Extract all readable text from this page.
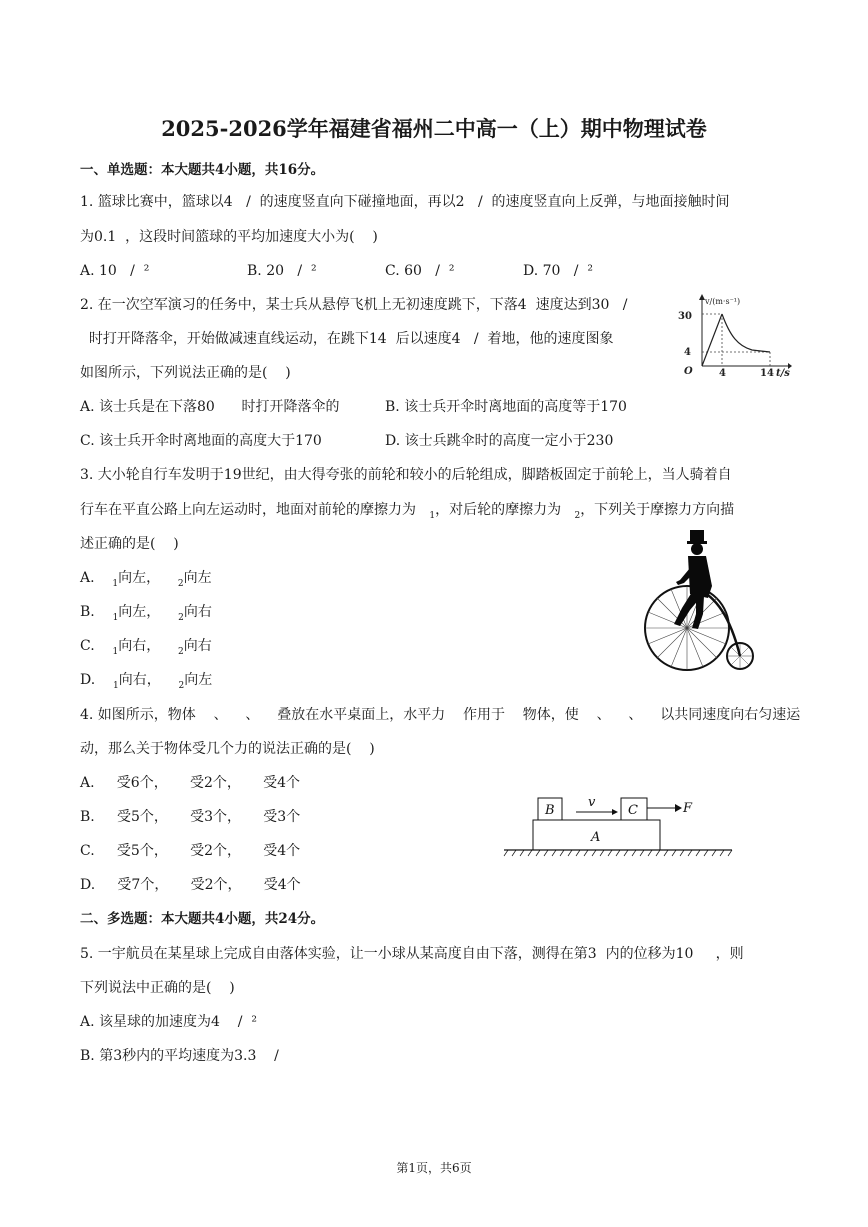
2025-2026学年福建省福州二中高一（上）期中物理试卷
一、单选题：本大题共4小题，共16分。
1. 篮球比赛中，篮球以4   /  的速度竖直向下碰撞地面，再以2   /  的速度竖直向上反弹，与地面接触时间
为0.1  ，这段时间篮球的平均加速度大小为(    )
A. 10   /  ²	B. 20   /  ²	C. 60   /  ²	D. 70   /  ²
2. 在一次空军演习的任务中，某士兵从悬停飞机上无初速度跳下，下落4  速度达到30   /
时打开降落伞，开始做减速直线运动，在跳下14  后以速度4   /  着地，他的速度图象
如图所示，下列说法正确的是(    )
v/(m·s⁻¹)
30
4
O	4	14 t/s
A. 该士兵是在下落80      时打开降落伞的	B. 该士兵开伞时离地面的高度等于170
C. 该士兵开伞时离地面的高度大于170	D. 该士兵跳伞时的高度一定小于230
3. 大小轮自行车发明于19世纪，由大得夸张的前轮和较小的后轮组成，脚踏板固定于前轮上，当人骑着自
行车在平直公路上向左运动时，地面对前轮的摩擦力为 $_1$，对后轮的摩擦力为 $_2$，下列关于摩擦力方向描
述正确的是(    )
A. $_1$向左， $_2$向左
B. $_1$向左， $_2$向右
C. $_1$向右， $_2$向右
D. $_1$向右， $_2$向左
4. 如图所示，物体    、    、    叠放在水平桌面上，水平力    作用于    物体，使    、    、    以共同速度向右匀速运
动，那么关于物体受几个力的说法正确的是(    )
A.     受6个，     受2个，     受4个
B.     受5个，     受3个，     受3个
C.     受5个，     受2个，     受4个
D.     受7个，     受2个，     受4个
v
B	C	F
A
二、多选题：本大题共4小题，共24分。
5. 一宇航员在某星球上完成自由落体实验，让一小球从某高度自由下落，测得在第3  内的位移为10     ，则
下列说法中正确的是(    )
A. 该星球的加速度为4    /  ²
B. 第3秒内的平均速度为3.3    /
第1页，共6页
